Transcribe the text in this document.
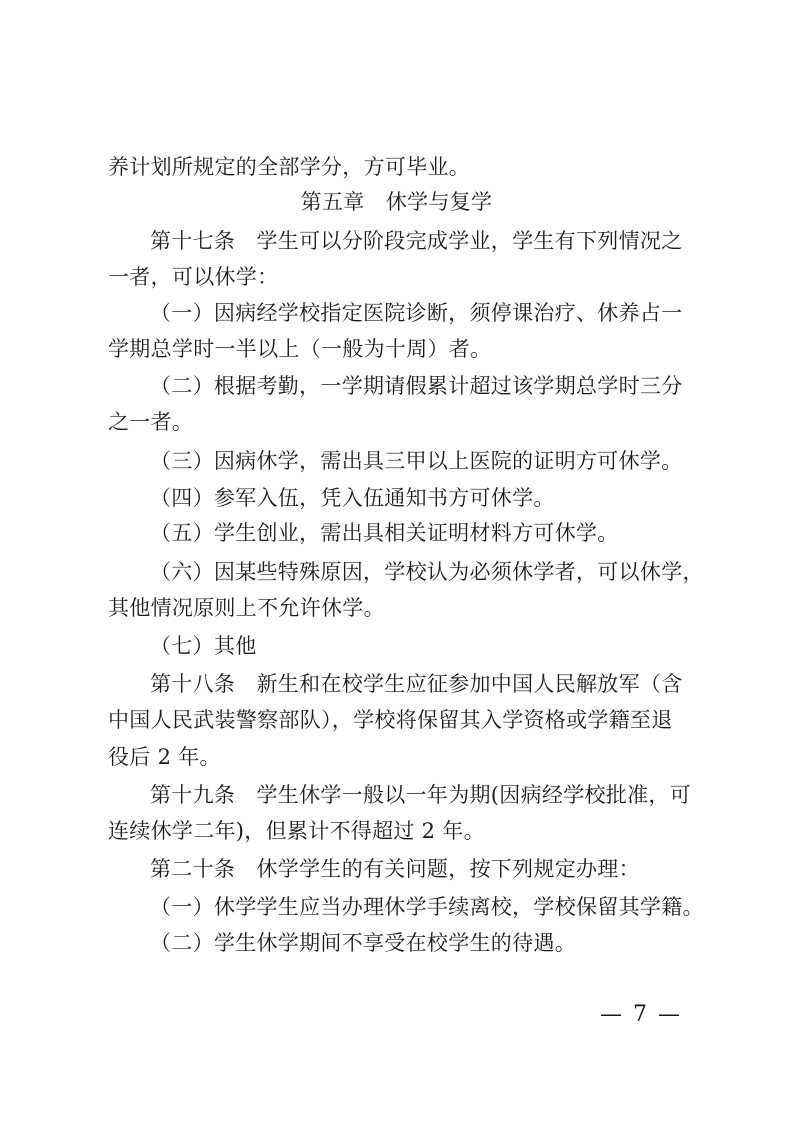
养计划所规定的全部学分，方可毕业。
第五章　休学与复学
第十七条　学生可以分阶段完成学业，学生有下列情况之
一者，可以休学：
（一）因病经学校指定医院诊断，须停课治疗、休养占一
学期总学时一半以上（一般为十周）者。
（二）根据考勤，一学期请假累计超过该学期总学时三分
之一者。
（三）因病休学，需出具三甲以上医院的证明方可休学。
（四）参军入伍，凭入伍通知书方可休学。
（五）学生创业，需出具相关证明材料方可休学。
（六）因某些特殊原因，学校认为必须休学者，可以休学，
其他情况原则上不允许休学。
（七）其他
第十八条　新生和在校学生应征参加中国人民解放军（含
中国人民武装警察部队），学校将保留其入学资格或学籍至退
役后 2 年。
第十九条　学生休学一般以一年为期(因病经学校批准，可
连续休学二年)，但累计不得超过 2 年。
第二十条　休学学生的有关问题，按下列规定办理：
（一）休学学生应当办理休学手续离校，学校保留其学籍。
（二）学生休学期间不享受在校学生的待遇。
— 7 —
